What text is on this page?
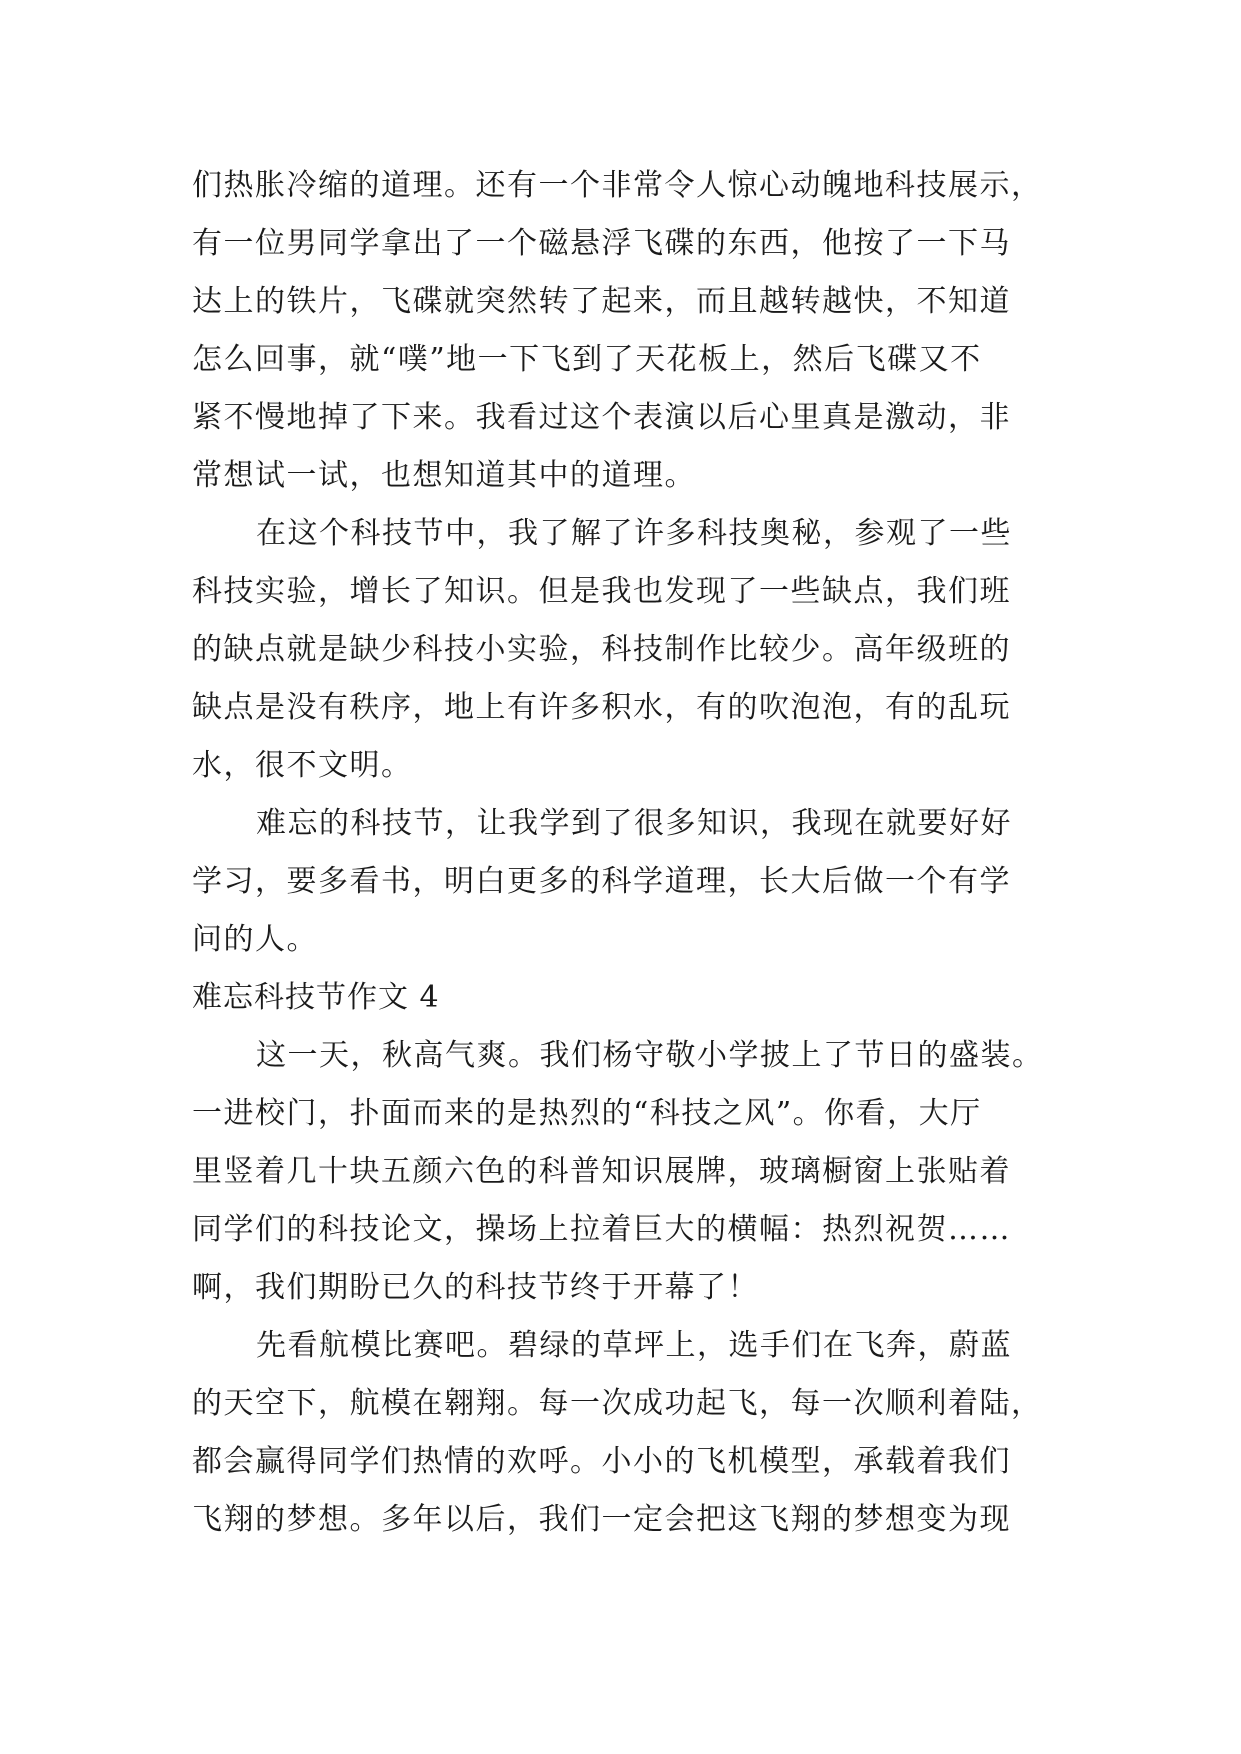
们热胀冷缩的道理。还有一个非常令人惊心动魄地科技展示，
有一位男同学拿出了一个磁悬浮飞碟的东西，他按了一下马
达上的铁片，飞碟就突然转了起来，而且越转越快，不知道
怎么回事，就“噗”地一下飞到了天花板上，然后飞碟又不
紧不慢地掉了下来。我看过这个表演以后心里真是激动，非
常想试一试，也想知道其中的道理。
在这个科技节中，我了解了许多科技奥秘，参观了一些
科技实验，增长了知识。但是我也发现了一些缺点，我们班
的缺点就是缺少科技小实验，科技制作比较少。高年级班的
缺点是没有秩序，地上有许多积水，有的吹泡泡，有的乱玩
水，很不文明。
难忘的科技节，让我学到了很多知识，我现在就要好好
学习，要多看书，明白更多的科学道理，长大后做一个有学
问的人。
难忘科技节作文 4
这一天，秋高气爽。我们杨守敬小学披上了节日的盛装。
一进校门，扑面而来的是热烈的“科技之风”。你看，大厅
里竖着几十块五颜六色的科普知识展牌，玻璃橱窗上张贴着
同学们的科技论文，操场上拉着巨大的横幅：热烈祝贺……
啊，我们期盼已久的科技节终于开幕了！
先看航模比赛吧。碧绿的草坪上，选手们在飞奔，蔚蓝
的天空下，航模在翱翔。每一次成功起飞，每一次顺利着陆，
都会赢得同学们热情的欢呼。小小的飞机模型，承载着我们
飞翔的梦想。多年以后，我们一定会把这飞翔的梦想变为现
